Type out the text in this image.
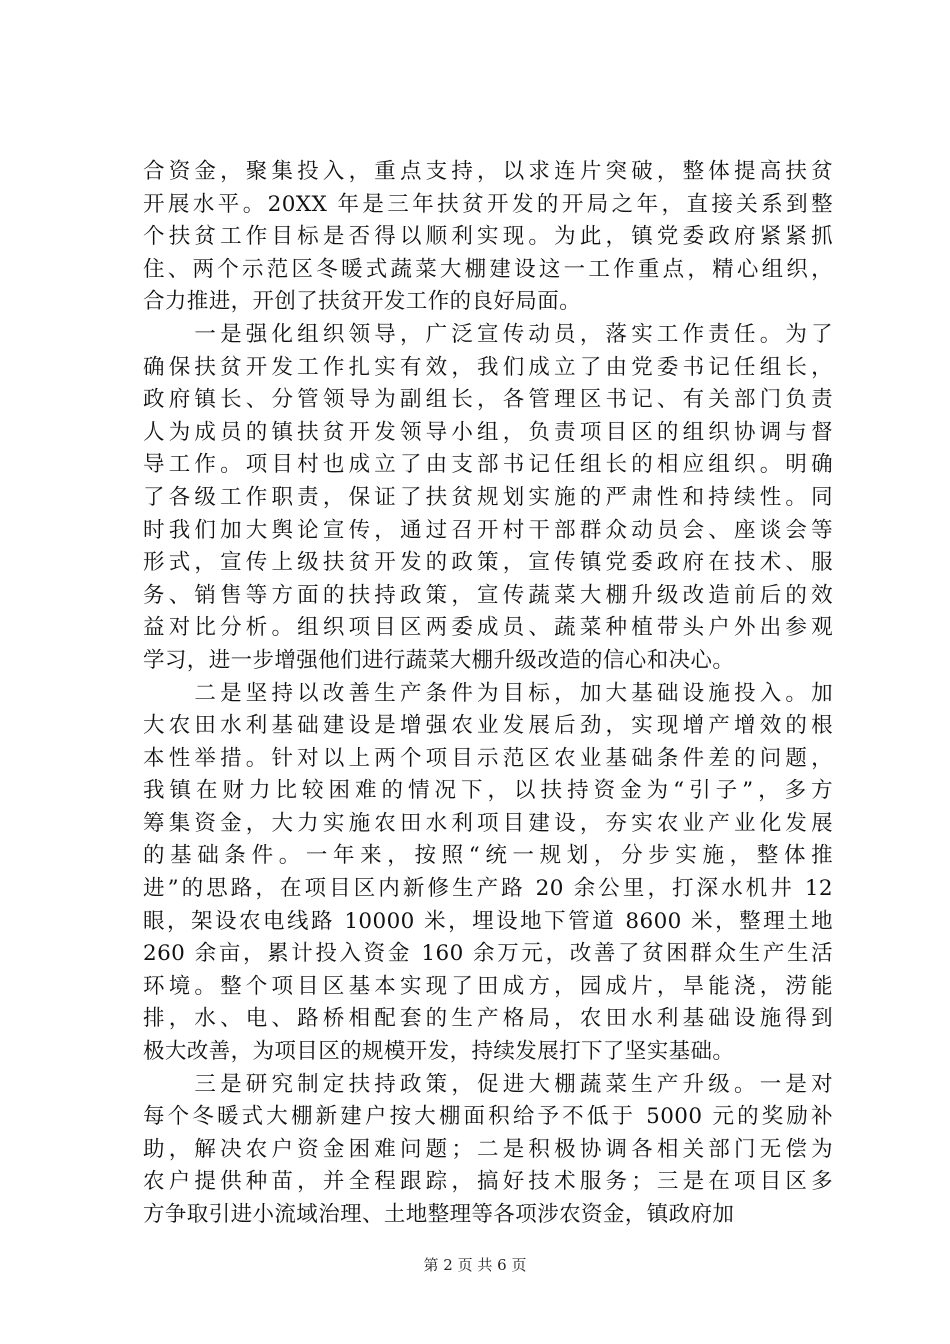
合资金，聚集投入，重点支持，以求连片突破，整体提高扶贫
开展水平。20XX 年是三年扶贫开发的开局之年，直接关系到整
个扶贫工作目标是否得以顺利实现。为此，镇党委政府紧紧抓
住、两个示范区冬暖式蔬菜大棚建设这一工作重点，精心组织，
合力推进，开创了扶贫开发工作的良好局面。
　　一是强化组织领导，广泛宣传动员，落实工作责任。为了
确保扶贫开发工作扎实有效，我们成立了由党委书记任组长，
政府镇长、分管领导为副组长，各管理区书记、有关部门负责
人为成员的镇扶贫开发领导小组，负责项目区的组织协调与督
导工作。项目村也成立了由支部书记任组长的相应组织。明确
了各级工作职责，保证了扶贫规划实施的严肃性和持续性。同
时我们加大舆论宣传，通过召开村干部群众动员会、座谈会等
形式，宣传上级扶贫开发的政策，宣传镇党委政府在技术、服
务、销售等方面的扶持政策，宣传蔬菜大棚升级改造前后的效
益对比分析。组织项目区两委成员、蔬菜种植带头户外出参观
学习，进一步增强他们进行蔬菜大棚升级改造的信心和决心。
　　二是坚持以改善生产条件为目标，加大基础设施投入。加
大农田水利基础建设是增强农业发展后劲，实现增产增效的根
本性举措。针对以上两个项目示范区农业基础条件差的问题，
我镇在财力比较困难的情况下，以扶持资金为“引子”，多方
筹集资金，大力实施农田水利项目建设，夯实农业产业化发展
的基础条件。一年来，按照“统一规划，分步实施，整体推
进”的思路，在项目区内新修生产路 20 余公里，打深水机井 12
眼，架设农电线路 10000 米，埋设地下管道 8600 米，整理土地
260 余亩，累计投入资金 160 余万元，改善了贫困群众生产生活
环境。整个项目区基本实现了田成方，园成片，旱能浇，涝能
排，水、电、路桥相配套的生产格局，农田水利基础设施得到
极大改善，为项目区的规模开发，持续发展打下了坚实基础。
　　三是研究制定扶持政策，促进大棚蔬菜生产升级。一是对
每个冬暖式大棚新建户按大棚面积给予不低于 5000 元的奖励补
助，解决农户资金困难问题；二是积极协调各相关部门无偿为
农户提供种苗，并全程跟踪，搞好技术服务；三是在项目区多
方争取引进小流域治理、土地整理等各项涉农资金，镇政府加
第 2 页 共 6 页
